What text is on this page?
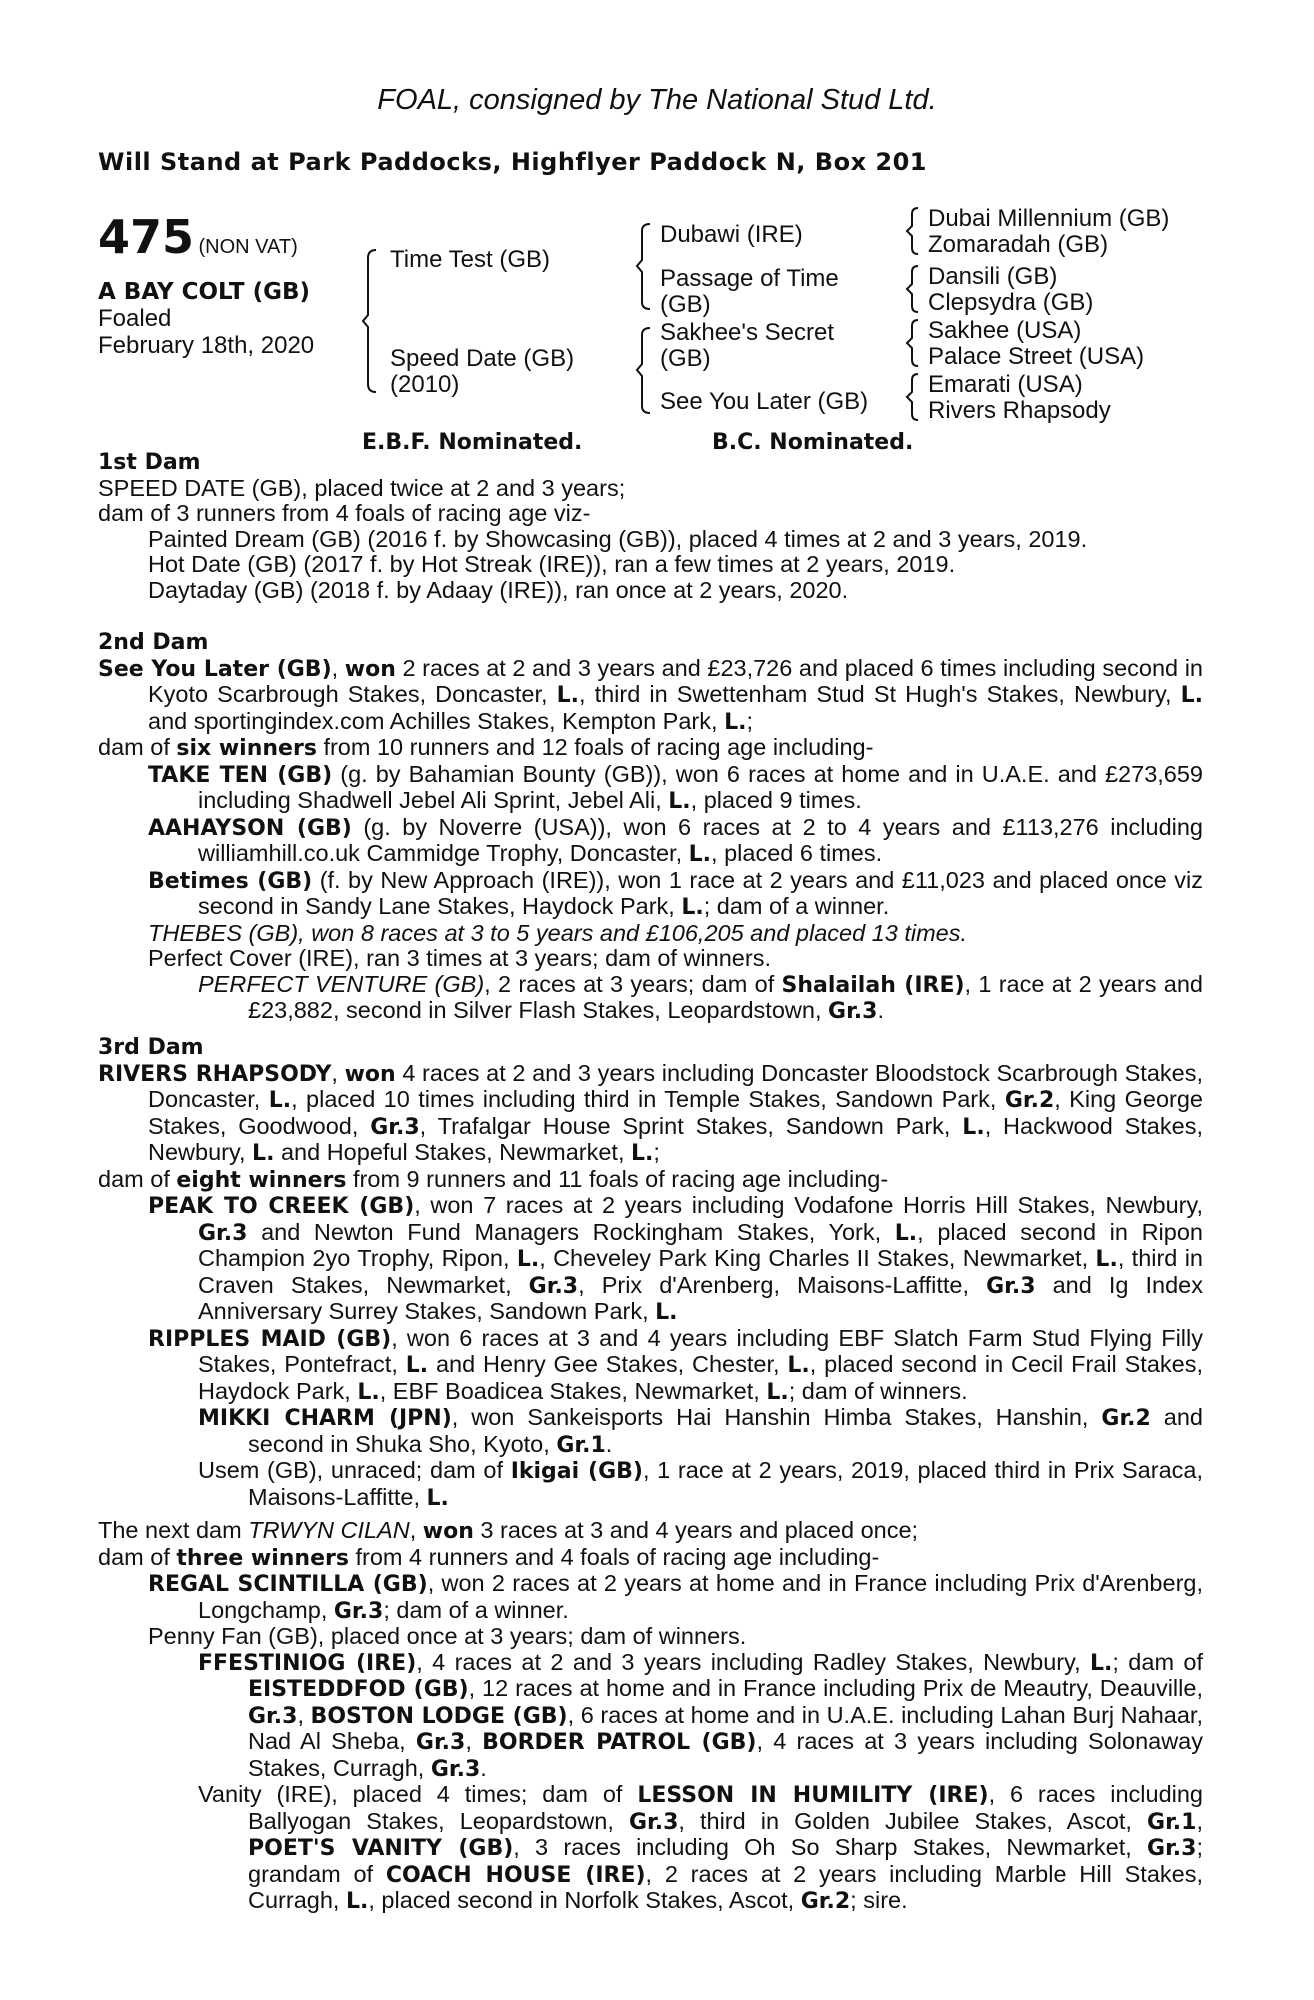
FOAL, consigned by The National Stud Ltd.
Will Stand at Park Paddocks, Highflyer Paddock N, Box 201
475 (NON VAT)
A BAY COLT (GB)
Foaled
February 18th, 2020
Time Test (GB)
Speed Date (GB)
(2010)
Dubawi (IRE)
Passage of Time
(GB)
Sakhee's Secret
(GB)
See You Later (GB)
Dubai Millennium (GB)
Zomaradah (GB)
Dansili (GB)
Clepsydra (GB)
Sakhee (USA)
Palace Street (USA)
Emarati (USA)
Rivers Rhapsody
E.B.F. Nominated.	B.C. Nominated.

1st Dam

SPEED DATE (GB), placed twice at 2 and 3 years;

dam of 3 runners from 4 foals of racing age viz-

Painted Dream (GB) (2016 f. by Showcasing (GB)), placed 4 times at 2 and 3 years, 2019.

Hot Date (GB) (2017 f. by Hot Streak (IRE)), ran a few times at 2 years, 2019.

Daytaday (GB) (2018 f. by Adaay (IRE)), ran once at 2 years, 2020.

2nd Dam

See You Later (GB), won 2 races at 2 and 3 years and £23,726 and placed 6 times including second in Kyoto Scarbrough Stakes, Doncaster, L., third in Swettenham Stud St Hugh's Stakes, Newbury, L. and sportingindex.com Achilles Stakes, Kempton Park, L.;

dam of six winners from 10 runners and 12 foals of racing age including-

TAKE TEN (GB) (g. by Bahamian Bounty (GB)), won 6 races at home and in U.A.E. and £273,659 including Shadwell Jebel Ali Sprint, Jebel Ali, L., placed 9 times.

AAHAYSON (GB) (g. by Noverre (USA)), won 6 races at 2 to 4 years and £113,276 including williamhill.co.uk Cammidge Trophy, Doncaster, L., placed 6 times.

Betimes (GB) (f. by New Approach (IRE)), won 1 race at 2 years and £11,023 and placed once viz second in Sandy Lane Stakes, Haydock Park, L.; dam of a winner.

THEBES (GB), won 8 races at 3 to 5 years and £106,205 and placed 13 times.

Perfect Cover (IRE), ran 3 times at 3 years; dam of winners.

PERFECT VENTURE (GB), 2 races at 3 years; dam of Shalailah (IRE), 1 race at 2 years and £23,882, second in Silver Flash Stakes, Leopardstown, Gr.3.

3rd Dam

RIVERS RHAPSODY, won 4 races at 2 and 3 years including Doncaster Bloodstock Scarbrough Stakes, Doncaster, L., placed 10 times including third in Temple Stakes, Sandown Park, Gr.2, King George Stakes, Goodwood, Gr.3, Trafalgar House Sprint Stakes, Sandown Park, L., Hackwood Stakes, Newbury, L. and Hopeful Stakes, Newmarket, L.;

dam of eight winners from 9 runners and 11 foals of racing age including-

PEAK TO CREEK (GB), won 7 races at 2 years including Vodafone Horris Hill Stakes, Newbury, Gr.3 and Newton Fund Managers Rockingham Stakes, York, L., placed second in Ripon Champion 2yo Trophy, Ripon, L., Cheveley Park King Charles II Stakes, Newmarket, L., third in Craven Stakes, Newmarket, Gr.3, Prix d'Arenberg, Maisons-Laffitte, Gr.3 and Ig Index Anniversary Surrey Stakes, Sandown Park, L.

RIPPLES MAID (GB), won 6 races at 3 and 4 years including EBF Slatch Farm Stud Flying Filly Stakes, Pontefract, L. and Henry Gee Stakes, Chester, L., placed second in Cecil Frail Stakes, Haydock Park, L., EBF Boadicea Stakes, Newmarket, L.; dam of winners.

MIKKI CHARM (JPN), won Sankeisports Hai Hanshin Himba Stakes, Hanshin, Gr.2 and second in Shuka Sho, Kyoto, Gr.1.

Usem (GB), unraced; dam of Ikigai (GB), 1 race at 2 years, 2019, placed third in Prix Saraca, Maisons-Laffitte, L.

The next dam TRWYN CILAN, won 3 races at 3 and 4 years and placed once;

dam of three winners from 4 runners and 4 foals of racing age including-

REGAL SCINTILLA (GB), won 2 races at 2 years at home and in France including Prix d'Arenberg, Longchamp, Gr.3; dam of a winner.

Penny Fan (GB), placed once at 3 years; dam of winners.

FFESTINIOG (IRE), 4 races at 2 and 3 years including Radley Stakes, Newbury, L.; dam of EISTEDDFOD (GB), 12 races at home and in France including Prix de Meautry, Deauville, Gr.3, BOSTON LODGE (GB), 6 races at home and in U.A.E. including Lahan Burj Nahaar, Nad Al Sheba, Gr.3, BORDER PATROL (GB), 4 races at 3 years including Solonaway Stakes, Curragh, Gr.3.

Vanity (IRE), placed 4 times; dam of LESSON IN HUMILITY (IRE), 6 races including Ballyogan Stakes, Leopardstown, Gr.3, third in Golden Jubilee Stakes, Ascot, Gr.1, POET'S VANITY (GB), 3 races including Oh So Sharp Stakes, Newmarket, Gr.3; grandam of COACH HOUSE (IRE), 2 races at 2 years including Marble Hill Stakes, Curragh, L., placed second in Norfolk Stakes, Ascot, Gr.2; sire.
